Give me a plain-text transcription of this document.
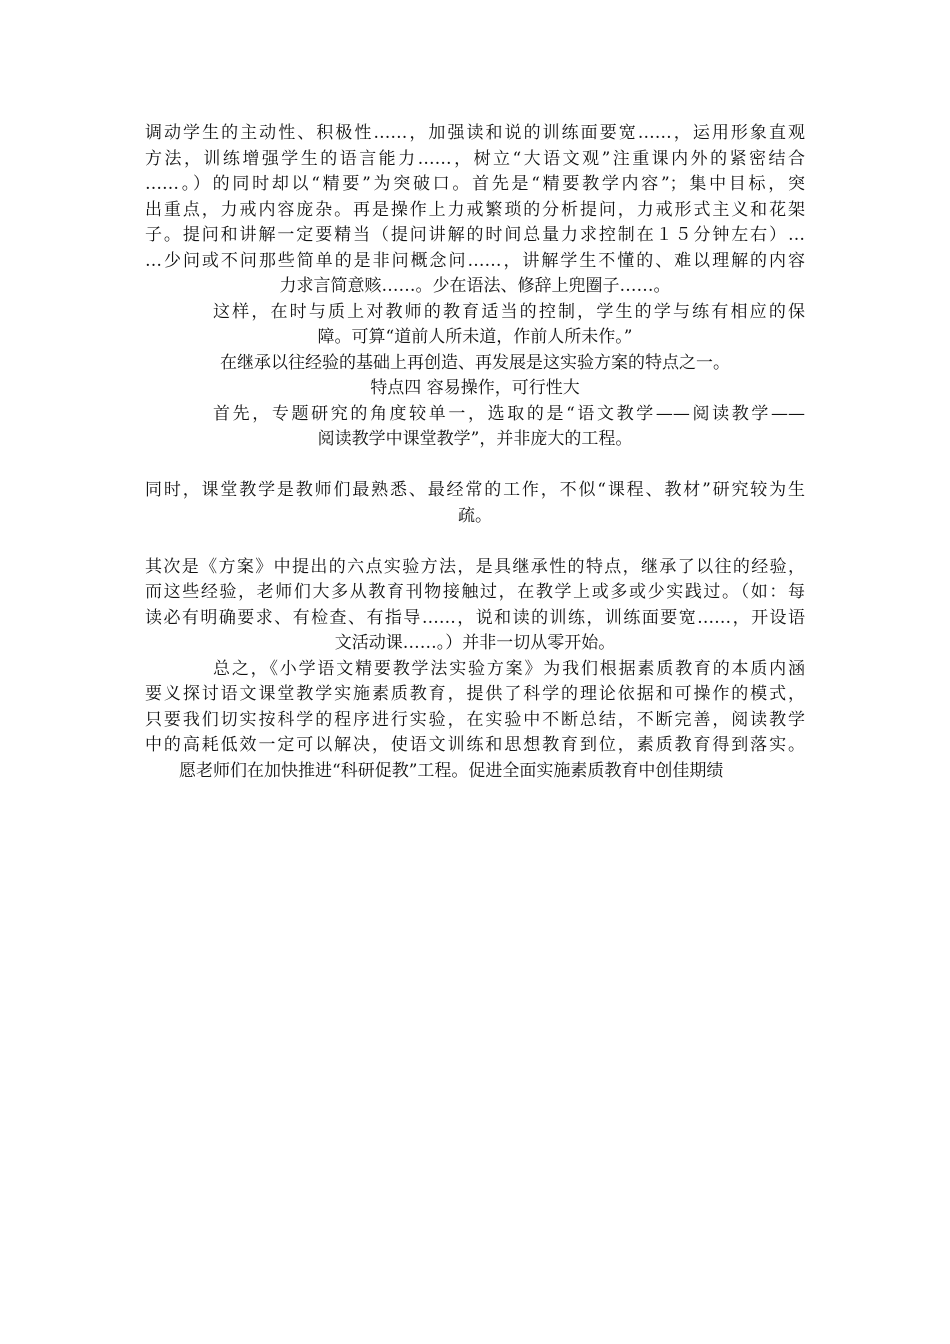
调动学生的主动性、积极性……，加强读和说的训练面要宽……，运用形象直观
方法，训练增强学生的语言能力……，树立“大语文观”注重课内外的紧密结合
……。）的同时却以“精要”为突破口。首先是“精要教学内容”；集中目标，突
出重点，力戒内容庞杂。再是操作上力戒繁琐的分析提问，力戒形式主义和花架
子。提问和讲解一定要精当（提问讲解的时间总量力求控制在１５分钟左右）…
…少问或不问那些简单的是非问概念问……，讲解学生不懂的、难以理解的内容
力求言简意赅……。少在语法、修辞上兜圈子……。
这样，在时与质上对教师的教育适当的控制，学生的学与练有相应的保
障。可算“道前人所未道，作前人所未作。”
在继承以往经验的基础上再创造、再发展是这实验方案的特点之一。
特点四 容易操作，可行性大
首先，专题研究的角度较单一，选取的是“语文教学——阅读教学——
阅读教学中课堂教学”，并非庞大的工程。
同时，课堂教学是教师们最熟悉、最经常的工作，不似“课程、教材”研究较为生
疏。
其次是《方案》中提出的六点实验方法，是具继承性的特点，继承了以往的经验，
而这些经验，老师们大多从教育刊物接触过，在教学上或多或少实践过。（如：每
读必有明确要求、有检查、有指导……，说和读的训练，训练面要宽……，开设语
文活动课……。）并非一切从零开始。
总之，《小学语文精要教学法实验方案》为我们根据素质教育的本质内涵
要义探讨语文课堂教学实施素质教育，提供了科学的理论依据和可操作的模式，
只要我们切实按科学的程序进行实验，在实验中不断总结，不断完善，阅读教学
中的高耗低效一定可以解决，使语文训练和思想教育到位，素质教育得到落实。
愿老师们在加快推进“科研促教”工程。促进全面实施素质教育中创佳期绩
